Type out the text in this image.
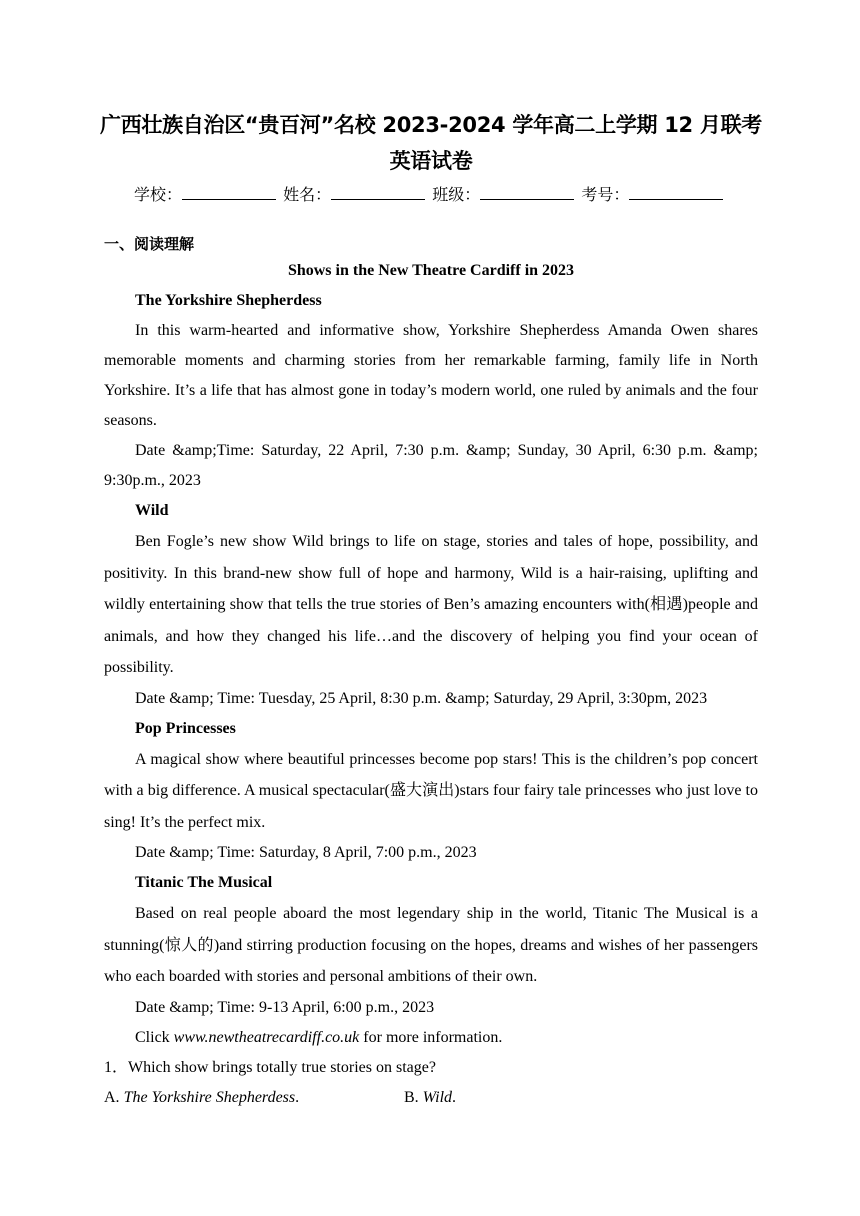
广西壮族自治区“贵百河”名校 2023-2024 学年高二上学期 12 月联考
英语试卷
学校：	姓名：	班级：	考号：
一、阅读理解
Shows in the New Theatre Cardiff in 2023
The Yorkshire Shepherdess
In this warm-hearted and informative show, Yorkshire Shepherdess Amanda Owen shares memorable moments and charming stories from her remarkable farming, family life in North Yorkshire. It’s a life that has almost gone in today’s modern world, one ruled by animals and the four seasons.
Date &amp;Time: Saturday, 22 April, 7:30 p.m. &amp; Sunday, 30 April, 6:30 p.m. &amp; 9:30p.m., 2023
Wild
Ben Fogle’s new show Wild brings to life on stage, stories and tales of hope, possibility, and positivity. In this brand-new show full of hope and harmony, Wild is a hair-raising, uplifting and wildly entertaining show that tells the true stories of Ben’s amazing encounters with(相遇)people and animals, and how they changed his life…and the discovery of helping you find your ocean of possibility.
Date &amp; Time: Tuesday, 25 April, 8:30 p.m. &amp; Saturday, 29 April, 3:30pm, 2023
Pop Princesses
A magical show where beautiful princesses become pop stars! This is the children’s pop concert with a big difference. A musical spectacular(盛大演出)stars four fairy tale princesses who just love to sing! It’s the perfect mix.
Date &amp; Time: Saturday, 8 April, 7:00 p.m., 2023
Titanic The Musical
Based on real people aboard the most legendary ship in the world, Titanic The Musical is a stunning(惊人的)and stirring production focusing on the hopes, dreams and wishes of her passengers who each boarded with stories and personal ambitions of their own.
Date &amp; Time: 9-13 April, 6:00 p.m., 2023
Click www.newtheatrecardiff.co.uk for more information.
1．Which show brings totally true stories on stage?
A. The Yorkshire Shepherdess.	B. Wild.
